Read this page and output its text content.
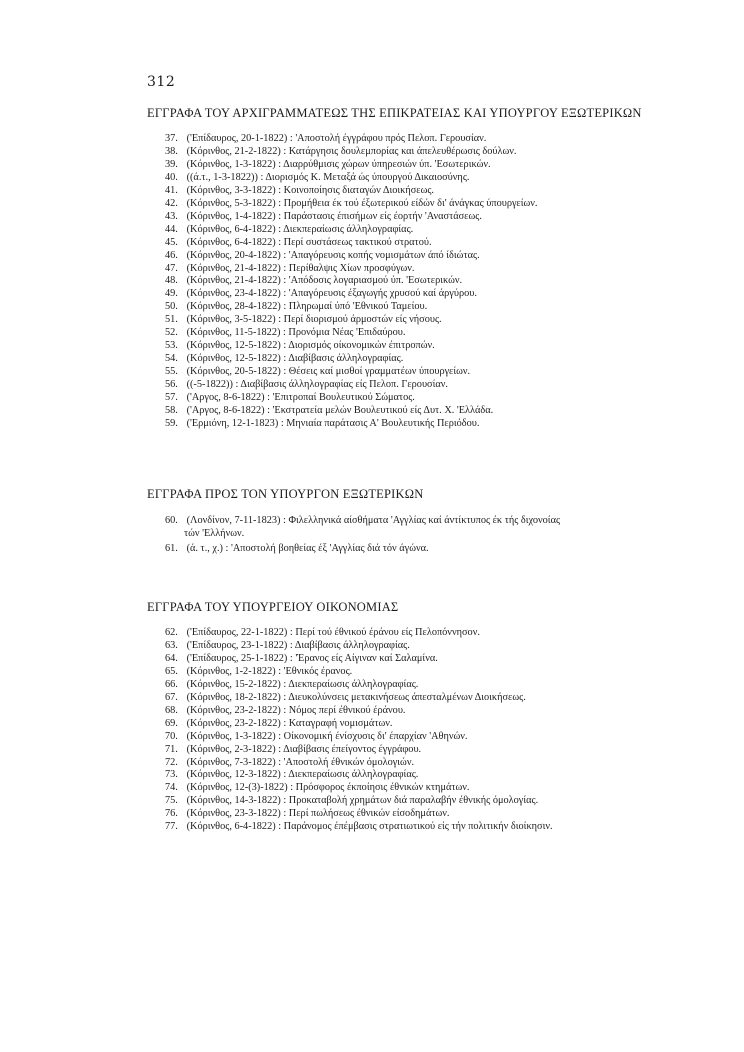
312
ΕΓΓΡΑΦΑ ΤΟΥ ΑΡΧΙΓΡΑΜΜΑΤΕΩΣ ΤΗΣ ΕΠΙΚΡΑΤΕΙΑΣ ΚΑΙ ΥΠΟΥΡΓΟΥ ΕΞΩΤΕΡΙΚΩΝ
37. ('Επίδαυρος, 20-1-1822) : 'Αποστολή έγγράφου πρός Πελοπ. Γερουσίαν.
38. (Κόρινθος, 21-2-1822) : Κατάργησις δουλεμπορίας και άπελευθέρωσις δούλων.
39. (Κόρινθος, 1-3-1822) : Διαρρύθμισις χώρων ύπηρεσιών ύπ. 'Εσωτερικών.
40. ((ά.τ., 1-3-1822)) : Διορισμός Κ. Μεταξά ώς ύπουργού Δικαιοσύνης.
41. (Κόρινθος, 3-3-1822) : Κοινοποίησις διαταγών Διοικήσεως.
42. (Κόρινθος, 5-3-1822) : Προμήθεια έκ τού έξωτερικού είδών δι' άνάγκας ύπουργείων.
43. (Κόρινθος, 1-4-1822) : Παράστασις έπισήμων είς έορτήν 'Αναστάσεως.
44. (Κόρινθος, 6-4-1822) : Διεκπεραίωσις άλληλογραφίας.
45. (Κόρινθος, 6-4-1822) : Περί συστάσεως τακτικού στρατού.
46. (Κόρινθος, 20-4-1822) : 'Απαγόρευσις κοπής νομισμάτων άπό ίδιώτας.
47. (Κόρινθος, 21-4-1822) : Περίθαλψις Χίων προσφύγων.
48. (Κόρινθος, 21-4-1822) : 'Απόδοσις λογαριασμού ύπ. 'Εσωτερικών.
49. (Κόρινθος, 23-4-1822) : 'Απαγόρευσις έξαγωγής χρυσού καί άργύρου.
50. (Κόρινθος, 28-4-1822) : Πληρωμαί ύπό 'Εθνικού Ταμείου.
51. (Κόρινθος, 3-5-1822) : Περί διορισμού άρμοστών είς νήσους.
52. (Κόρινθος, 11-5-1822) : Προνόμια Νέας 'Επιδαύρου.
53. (Κόρινθος, 12-5-1822) : Διορισμός οίκονομικών έπιτροπών.
54. (Κόρινθος, 12-5-1822) : Διαβίβασις άλληλογραφίας.
55. (Κόρινθος, 20-5-1822) : Θέσεις καί μισθοί γραμματέων ύπουργείων.
56. ((-5-1822)) : Διαβίβασις άλληλογραφίας είς Πελοπ. Γερουσίαν.
57. ('Αργος, 8-6-1822) : 'Επιτροπαί Βουλευτικού Σώματος.
58. ('Αργος, 8-6-1822) : 'Εκστρατεία μελών Βουλευτικού είς Δυτ. Χ. 'Ελλάδα.
59. ('Ερμιόνη, 12-1-1823) : Μηνιαία παράτασις Α' Βουλευτικής Περιόδου.
ΕΓΓΡΑΦΑ ΠΡΟΣ ΤΟΝ ΥΠΟΥΡΓΟΝ ΕΞΩΤΕΡΙΚΩΝ
60. (Λονδίνον, 7-11-1823) : Φιλελληνικά αίσθήματα 'Αγγλίας καί άντίκτυπος έκ τής διχονοίας
τών 'Ελλήνων.
61. (ά. τ., χ.) : 'Αποστολή βοηθείας έξ 'Αγγλίας διά τόν άγώνα.
ΕΓΓΡΑΦΑ ΤΟΥ ΥΠΟΥΡΓΕΙΟΥ ΟΙΚΟΝΟΜΙΑΣ
62. ('Επίδαυρος, 22-1-1822) : Περί τού έθνικού έράνου είς Πελοπόννησον.
63. ('Επίδαυρος, 23-1-1822) : Διαβίβασις άλληλογραφίας.
64. ('Επίδαυρος, 25-1-1822) : 'Έρανος είς Αίγιναν καί Σαλαμίνα.
65. (Κόρινθος, 1-2-1822) : 'Εθνικός έρανος.
66. (Κόρινθος, 15-2-1822) : Διεκπεραίωσις άλληλογραφίας.
67. (Κόρινθος, 18-2-1822) : Διευκολύνσεις μετακινήσεως άπεσταλμένων Διοικήσεως.
68. (Κόρινθος, 23-2-1822) : Νόμος περί έθνικού έράνου.
69. (Κόρινθος, 23-2-1822) : Καταγραφή νομισμάτων.
70. (Κόρινθος, 1-3-1822) : Οίκονομική ένίσχυσις δι' έπαρχίαν 'Αθηνών.
71. (Κόρινθος, 2-3-1822) : Διαβίβασις έπείγοντος έγγράφου.
72. (Κόρινθος, 7-3-1822) : 'Αποστολή έθνικών όμολογιών.
73. (Κόρινθος, 12-3-1822) : Διεκπεραίωσις άλληλογραφίας.
74. (Κόρινθος, 12-(3)-1822) : Πρόσφορος έκποίησις έθνικών κτημάτων.
75. (Κόρινθος, 14-3-1822) : Προκαταβολή χρημάτων διά παραλαβήν έθνικής όμολογίας.
76. (Κόρινθος, 23-3-1822) : Περί πωλήσεως έθνικών είσοδημάτων.
77. (Κόρινθος, 6-4-1822) : Παράνομος έπέμβασις στρατιωτικού είς τήν πολιτικήν διοίκησιν.
